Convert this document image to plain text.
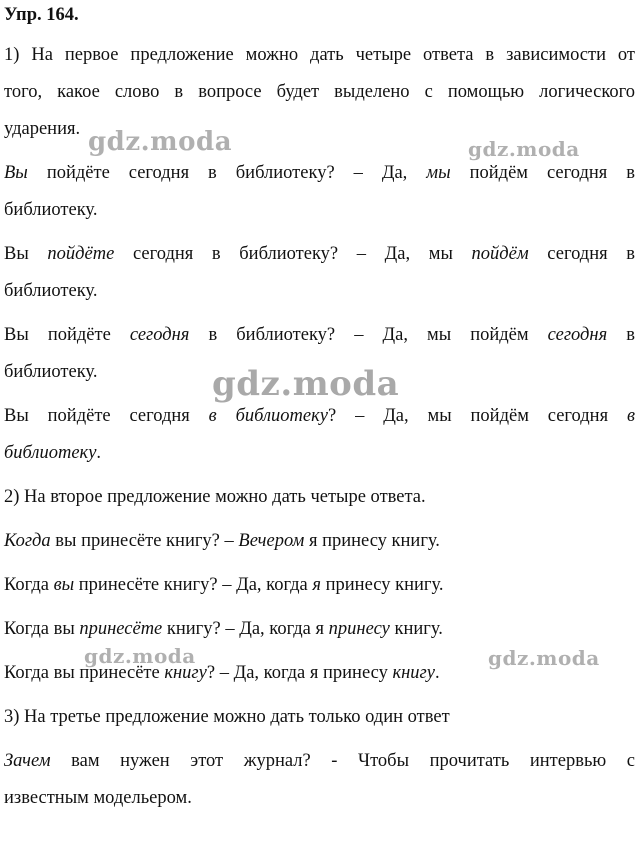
Упр. 164.
1) На первое предложение можно дать четыре ответа в зависимости от
того, какое слово в вопросе будет выделено с помощью логического
ударения.
Вы пойдёте сегодня в библиотеку? – Да, мы пойдём сегодня в
библиотеку.
Вы пойдёте сегодня в библиотеку? – Да, мы пойдём сегодня в
библиотеку.
Вы пойдёте сегодня в библиотеку? – Да, мы пойдём сегодня в
библиотеку.
Вы пойдёте сегодня в библиотеку? – Да, мы пойдём сегодня в
библиотеку.
2) На второе предложение можно дать четыре ответа.
Когда вы принесёте книгу? – Вечером я принесу книгу.
Когда вы принесёте книгу? – Да, когда я принесу книгу.
Когда вы принесёте книгу? – Да, когда я принесу книгу.
Когда вы принесёте книгу? – Да, когда я принесу книгу.
3) На третье предложение можно дать только один ответ
Зачем вам нужен этот журнал? - Чтобы прочитать интервью с
известным модельером.
gdz.moda	gdz.moda
gdz.moda
gdz.moda	gdz.moda
